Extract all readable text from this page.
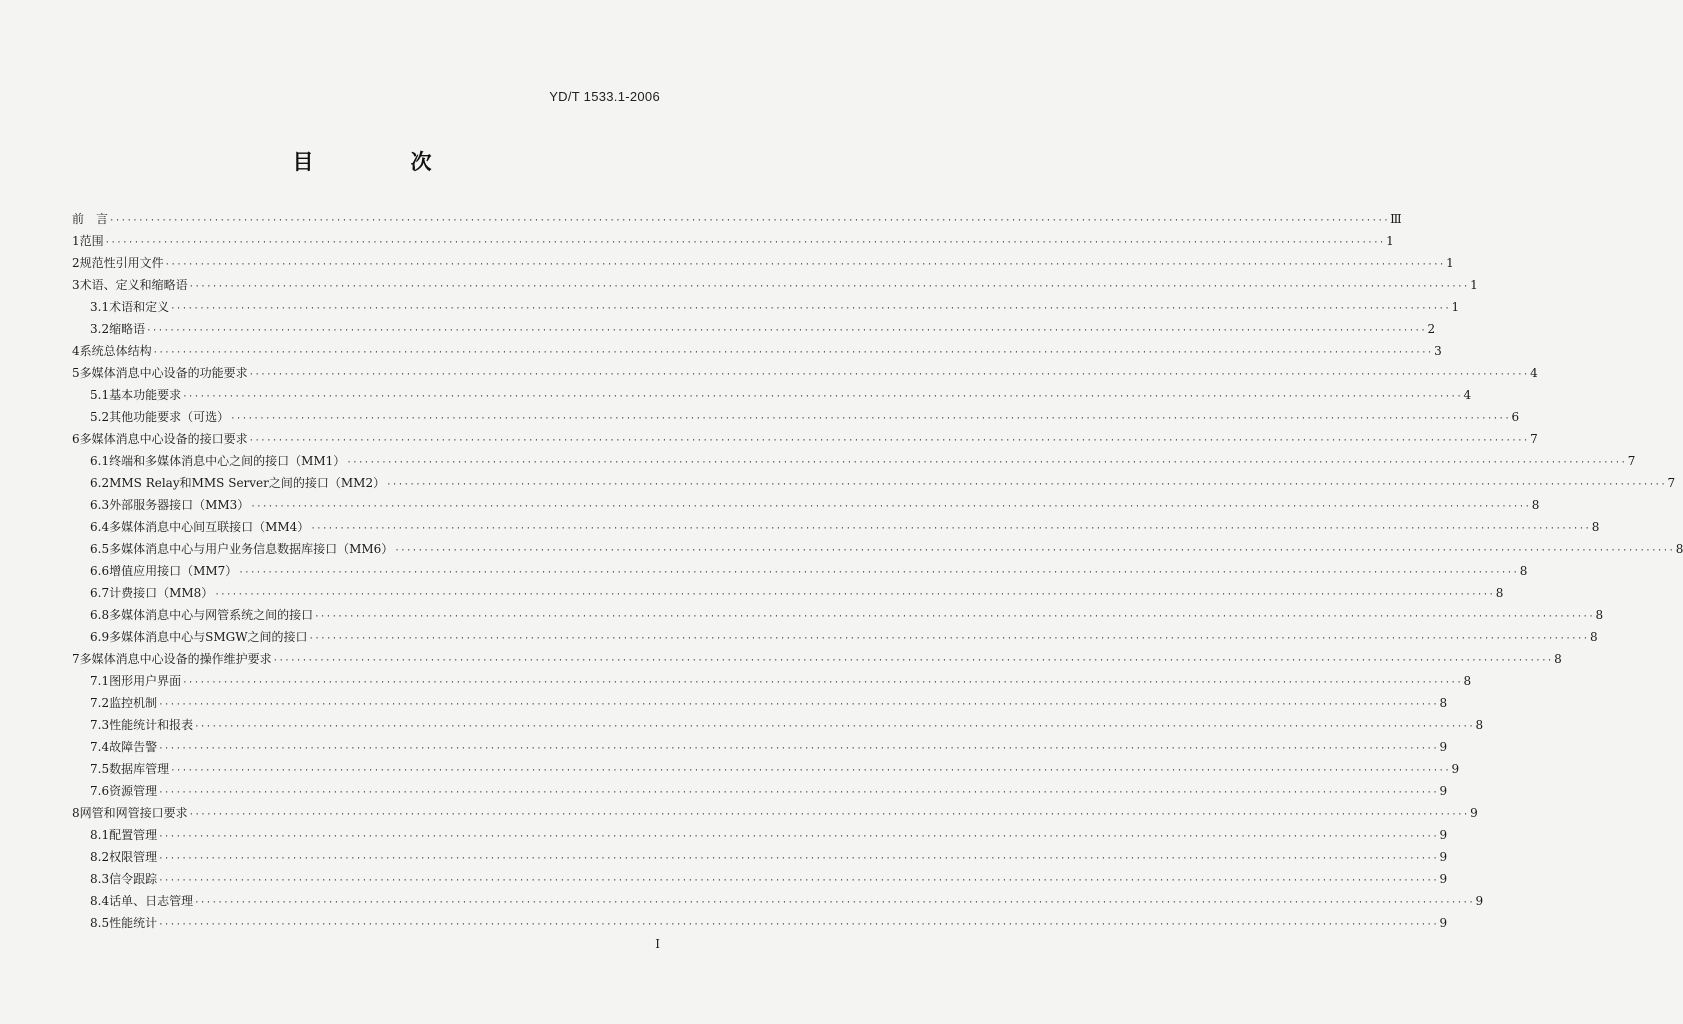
YD/T 1533.1-2006
目　次
前　言 ···························································································································································································································· Ⅲ
1 范围 ···························································································································································································································· 1
2 规范性引用文件 ···························································································································································································································· 1
3 术语、定义和缩略语 ···························································································································································································································· 1
3.1 术语和定义 ···························································································································································································································· 1
3.2 缩略语 ···························································································································································································································· 2
4 系统总体结构 ···························································································································································································································· 3
5 多媒体消息中心设备的功能要求 ···························································································································································································································· 4
5.1 基本功能要求 ···························································································································································································································· 4
5.2 其他功能要求（可选） ···························································································································································································································· 6
6 多媒体消息中心设备的接口要求 ···························································································································································································································· 7
6.1 终端和多媒体消息中心之间的接口（MM1） ···························································································································································································································· 7
6.2 MMS Relay和MMS Server之间的接口（MM2） ···························································································································································································································· 7
6.3 外部服务器接口（MM3） ···························································································································································································································· 8
6.4 多媒体消息中心间互联接口（MM4） ···························································································································································································································· 8
6.5 多媒体消息中心与用户业务信息数据库接口（MM6） ···························································································································································································································· 8
6.6 增值应用接口（MM7） ···························································································································································································································· 8
6.7 计费接口（MM8） ···························································································································································································································· 8
6.8 多媒体消息中心与网管系统之间的接口 ···························································································································································································································· 8
6.9 多媒体消息中心与SMGW之间的接口 ···························································································································································································································· 8
7 多媒体消息中心设备的操作维护要求 ···························································································································································································································· 8
7.1 图形用户界面 ···························································································································································································································· 8
7.2 监控机制 ···························································································································································································································· 8
7.3 性能统计和报表 ···························································································································································································································· 8
7.4 故障告警 ···························································································································································································································· 9
7.5 数据库管理 ···························································································································································································································· 9
7.6 资源管理 ···························································································································································································································· 9
8 网管和网管接口要求 ···························································································································································································································· 9
8.1 配置管理 ···························································································································································································································· 9
8.2 权限管理 ···························································································································································································································· 9
8.3 信令跟踪 ···························································································································································································································· 9
8.4 话单、日志管理 ···························································································································································································································· 9
8.5 性能统计 ···························································································································································································································· 9
I
